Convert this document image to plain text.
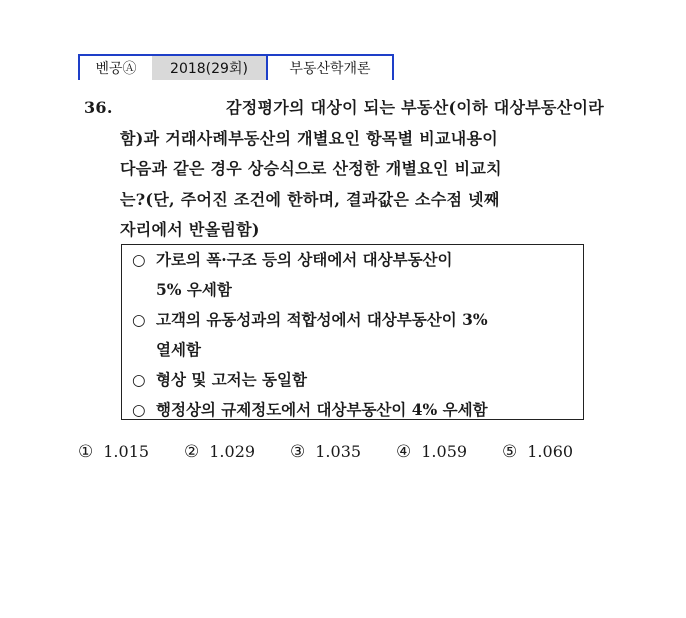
벤공Ⓐ	2018(29회)	부동산학개론
36.	감정평가의 대상이 되는 부동산(이하 대상부동산이라
함)과 거래사례부동산의 개별요인 항목별 비교내용이
다음과 같은 경우 상승식으로 산정한 개별요인 비교치
는?(단, 주어진 조건에 한하며, 결과값은 소수점 넷째
자리에서 반올림함)
○ 가로의 폭·구조 등의 상태에서 대상부동산이
5% 우세함
○ 고객의 유동성과의 적합성에서 대상부동산이 3%
열세함
○ 형상 및 고저는 동일함
○ 행정상의 규제정도에서 대상부동산이 4% 우세함
① 1.015 ② 1.029 ③ 1.035 ④ 1.059 ⑤ 1.060
